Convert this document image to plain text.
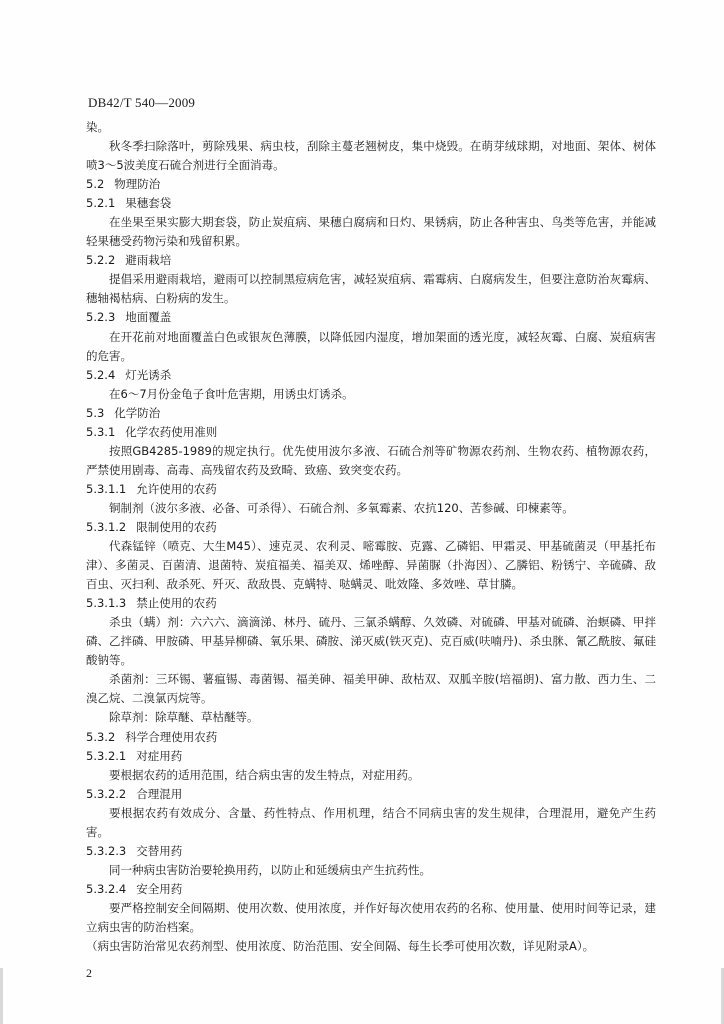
DB42/T 540—2009

染。

秋冬季扫除落叶，剪除残果、病虫枝，刮除主蔓老翘树皮，集中烧毁。在萌芽绒球期，对地面、架体、树体喷3～5波美度石硫合剂进行全面消毒。

5.2 物理防治
5.2.1 果穗套袋

在坐果至果实膨大期套袋，防止炭疽病、果穗白腐病和日灼、果锈病，防止各种害虫、鸟类等危害，并能减轻果穗受药物污染和残留积累。

5.2.2 避雨栽培

提倡采用避雨栽培，避雨可以控制黑痘病危害，减轻炭疽病、霜霉病、白腐病发生，但要注意防治灰霉病、穗轴褐枯病、白粉病的发生。

5.2.3 地面覆盖

在开花前对地面覆盖白色或银灰色薄膜，以降低园内湿度，增加架面的透光度，减轻灰霉、白腐、炭疽病害的危害。

5.2.4 灯光诱杀

在6～7月份金龟子食叶危害期，用诱虫灯诱杀。

5.3 化学防治
5.3.1 化学农药使用准则

按照GB4285-1989的规定执行。优先使用波尔多液、石硫合剂等矿物源农药剂、生物农药、植物源农药，严禁使用剧毒、高毒、高残留农药及致畸、致癌、致突变农药。

5.3.1.1 允许使用的农药

铜制剂（波尔多液、必备、可杀得）、石硫合剂、多氧霉素、农抗120、苦参碱、印楝素等。

5.3.1.2 限制使用的农药

代森锰锌（喷克、大生M45）、速克灵、农利灵、嘧霉胺、克露、乙磷铝、甲霜灵、甲基硫菌灵（甲基托布津）、多菌灵、百菌清、退菌特、炭疽福美、福美双、烯唑醇、异菌脲（扑海因）、乙膦铝、粉锈宁、辛硫磷、敌百虫、灭扫利、敌杀死、歼灭、敌敌畏、克螨特、哒螨灵、吡效隆、多效唑、草甘膦。

5.3.1.3 禁止使用的农药

杀虫（螨）剂：六六六、滴滴涕、林丹、硫丹、三氯杀螨醇、久效磷、对硫磷、甲基对硫磷、治螟磷、甲拌磷、乙拌磷、甲胺磷、甲基异柳磷、氧乐果、磷胺、涕灭威(铁灭克)、克百威(呋喃丹)、杀虫脒、氰乙酰胺、氟硅酸钠等。

杀菌剂：三环锡、薯瘟锡、毒菌锡、福美砷、福美甲砷、敌枯双、双胍辛胺(培福朗)、富力散、西力生、二溴乙烷、二溴氯丙烷等。

除草剂：除草醚、草枯醚等。

5.3.2 科学合理使用农药
5.3.2.1 对症用药

要根据农药的适用范围，结合病虫害的发生特点，对症用药。

5.3.2.2 合理混用

要根据农药有效成分、含量、药性特点、作用机理，结合不同病虫害的发生规律，合理混用，避免产生药害。

5.3.2.3 交替用药

同一种病虫害防治要轮换用药，以防止和延缓病虫产生抗药性。

5.3.2.4 安全用药

要严格控制安全间隔期、使用次数、使用浓度，并作好每次使用农药的名称、使用量、使用时间等记录，建立病虫害的防治档案。

（病虫害防治常见农药剂型、使用浓度、防治范围、安全间隔、每生长季可使用次数，详见附录A）。

2
